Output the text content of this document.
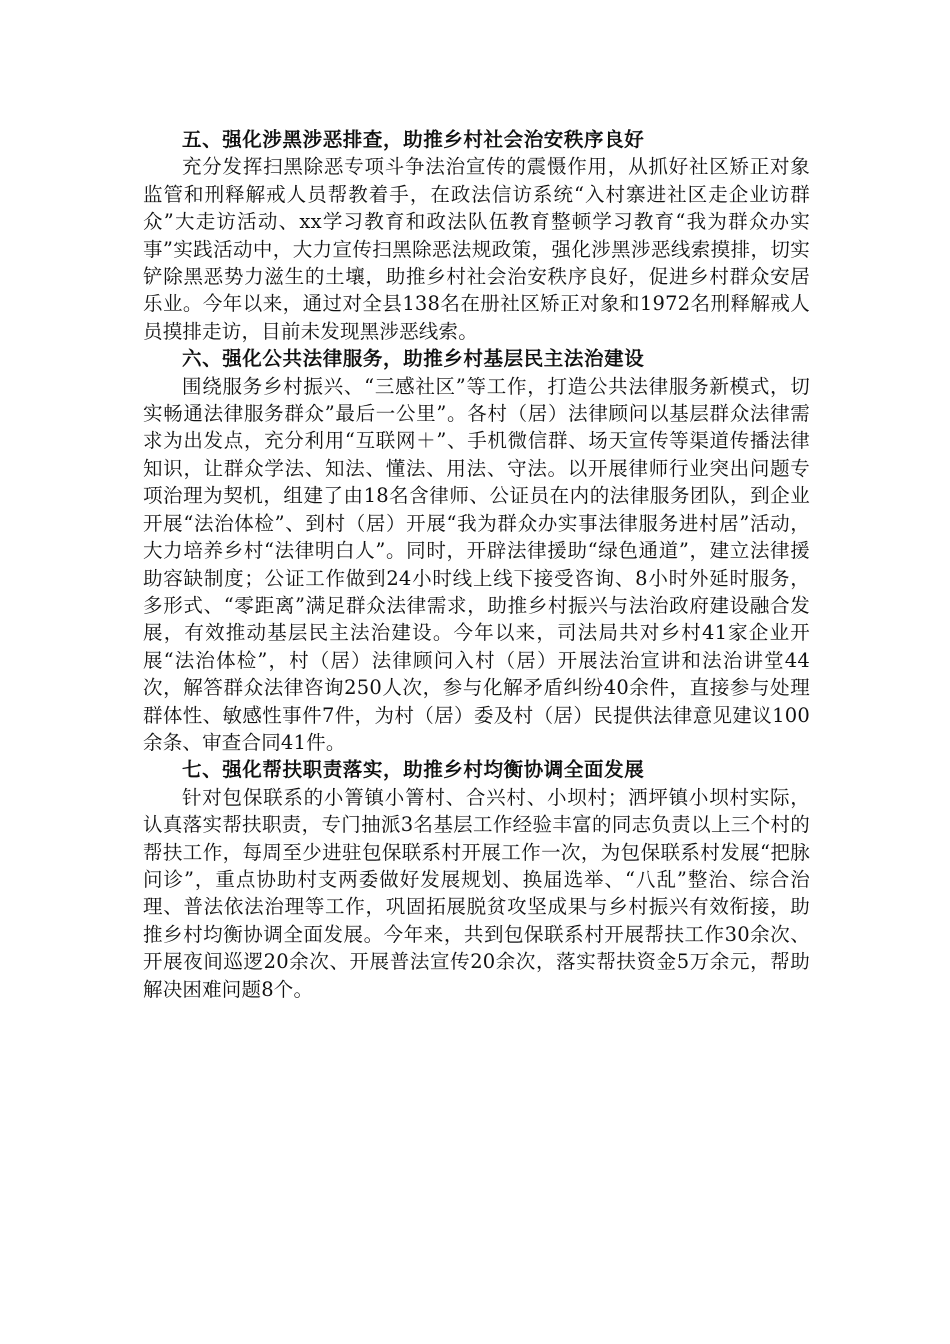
五、强化涉黑涉恶排查，助推乡村社会治安秩序良好

充分发挥扫黑除恶专项斗争法治宣传的震慑作用，从抓好社区矫正对象监管和刑释解戒人员帮教着手，在政法信访系统“入村寨进社区走企业访群众”大走访活动、xx学习教育和政法队伍教育整顿学习教育“我为群众办实事”实践活动中，大力宣传扫黑除恶法规政策，强化涉黑涉恶线索摸排，切实铲除黑恶势力滋生的土壤，助推乡村社会治安秩序良好，促进乡村群众安居乐业。今年以来，通过对全县138名在册社区矫正对象和1972名刑释解戒人员摸排走访，目前未发现黑涉恶线索。

六、强化公共法律服务，助推乡村基层民主法治建设

围绕服务乡村振兴、“三感社区”等工作，打造公共法律服务新模式，切实畅通法律服务群众”最后一公里”。各村（居）法律顾问以基层群众法律需求为出发点，充分利用“互联网＋”、手机微信群、场天宣传等渠道传播法律知识，让群众学法、知法、懂法、用法、守法。以开展律师行业突出问题专项治理为契机，组建了由18名含律师、公证员在内的法律服务团队，到企业开展“法治体检”、到村（居）开展“我为群众办实事法律服务进村居”活动，大力培养乡村“法律明白人”。同时，开辟法律援助“绿色通道”，建立法律援助容缺制度；公证工作做到24小时线上线下接受咨询、8小时外延时服务，多形式、“零距离”满足群众法律需求，助推乡村振兴与法治政府建设融合发展，有效推动基层民主法治建设。今年以来，司法局共对乡村41家企业开展“法治体检”，村（居）法律顾问入村（居）开展法治宣讲和法治讲堂44次，解答群众法律咨询250人次，参与化解矛盾纠纷40余件，直接参与处理群体性、敏感性事件7件，为村（居）委及村（居）民提供法律意见建议100余条、审查合同41件。

七、强化帮扶职责落实，助推乡村均衡协调全面发展

针对包保联系的小箐镇小箐村、合兴村、小坝村；洒坪镇小坝村实际，认真落实帮扶职责，专门抽派3名基层工作经验丰富的同志负责以上三个村的帮扶工作，每周至少进驻包保联系村开展工作一次，为包保联系村发展“把脉问诊”，重点协助村支两委做好发展规划、换届选举、“八乱”整治、综合治理、普法依法治理等工作，巩固拓展脱贫攻坚成果与乡村振兴有效衔接，助推乡村均衡协调全面发展。今年来，共到包保联系村开展帮扶工作30余次、开展夜间巡逻20余次、开展普法宣传20余次，落实帮扶资金5万余元，帮助解决困难问题8个。
